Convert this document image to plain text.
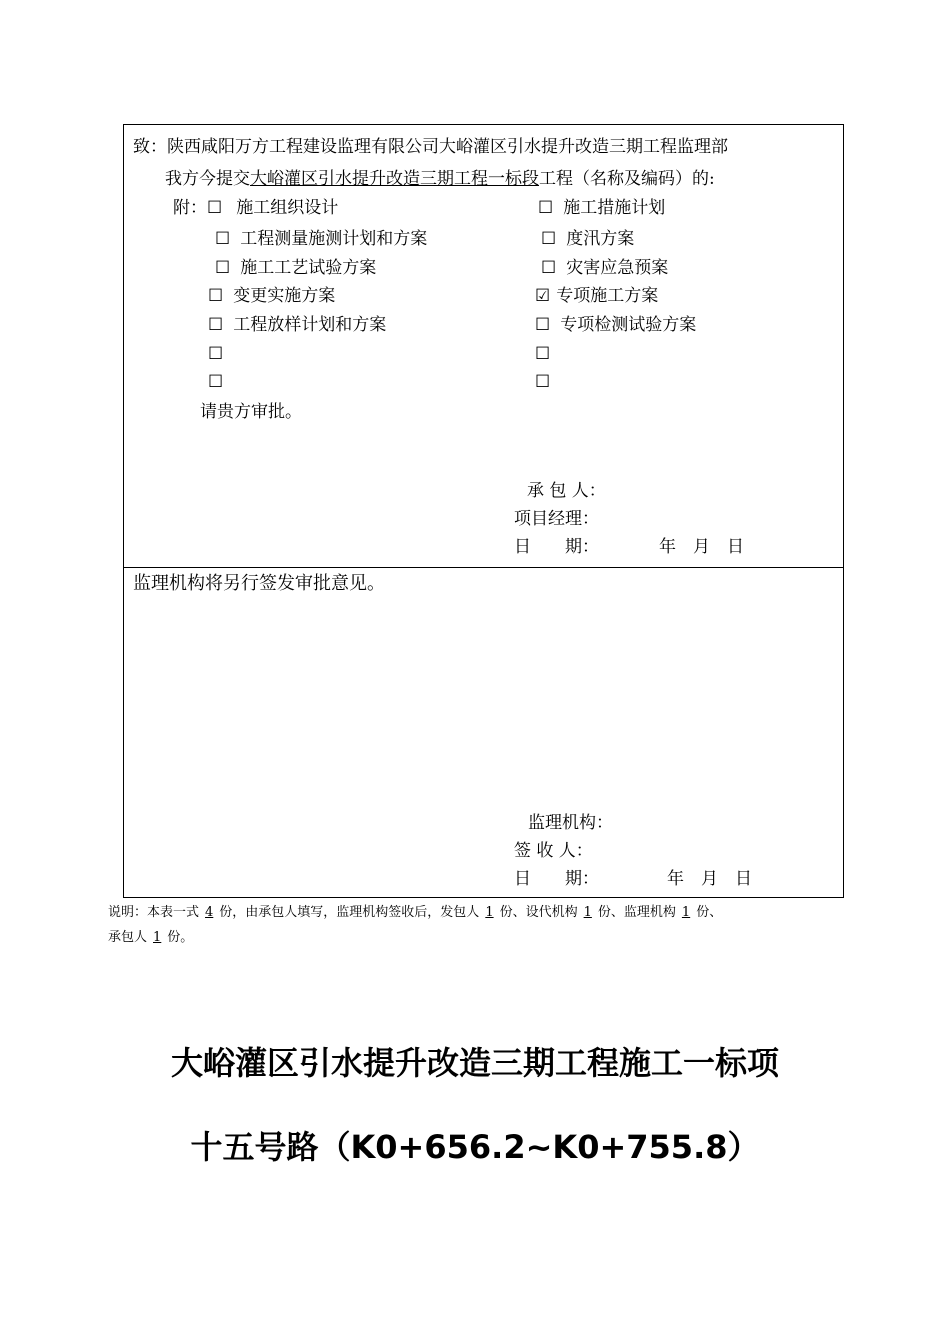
致：陕西咸阳万方工程建设监理有限公司大峪灌区引水提升改造三期工程监理部
我方今提交大峪灌区引水提升改造三期工程一标段工程（名称及编码）的:
附：☐ 施工组织设计
☐ 工程测量施测计划和方案
☐ 施工工艺试验方案
☐ 变更实施方案
☐ 工程放样计划和方案
☐
☐
☐ 施工措施计划
☐ 度汛方案
☐ 灾害应急预案
☑ 专项施工方案
☐ 专项检测试验方案
☐
☐
请贵方审批。
承 包 人：
项目经理：
日　　期：	年　月　日
监理机构将另行签发审批意见。
监理机构：
签 收 人：
日　　期：	年　月　日
说明：本表一式 4 份，由承包人填写，监理机构签收后，发包人 1 份、设代机构 1 份、监理机构 1 份、
承包人 1 份。
大峪灌区引水提升改造三期工程施工一标项
十五号路（K0+656.2~K0+755.8）
